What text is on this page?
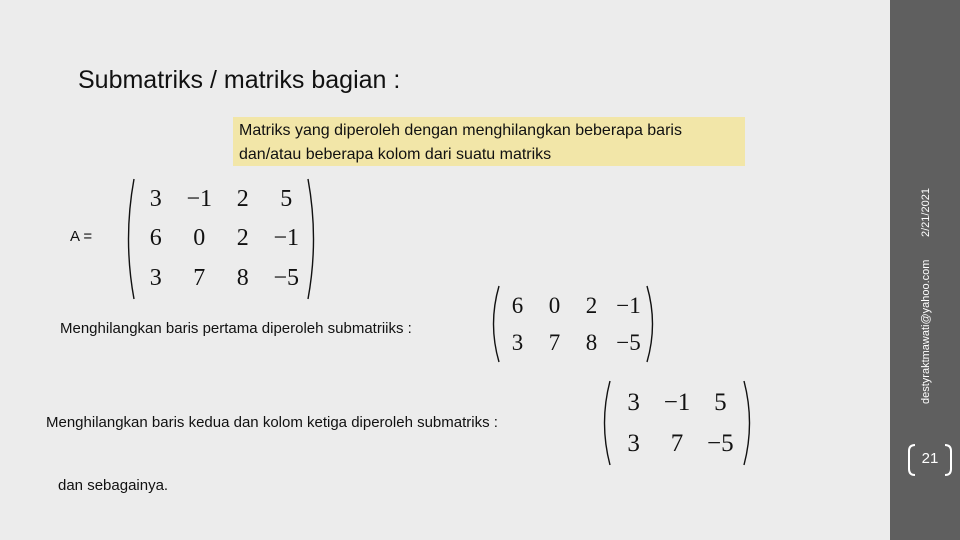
Submatriks / matriks bagian :
Matriks yang diperoleh dengan menghilangkan beberapa baris
dan/atau beberapa kolom dari suatu matriks
A =
3	−1	2	5
6	0	2	−1
3	7	8	−5
Menghilangkan baris pertama diperoleh submatriiks :
6	0	2 −1
3	7	8 −5
Menghilangkan baris kedua dan kolom ketiga diperoleh submatriks :
3 −1 5
3	7 −5
dan sebagainya.
2/21/2021
destyraktmawati@yahoo.com
21
